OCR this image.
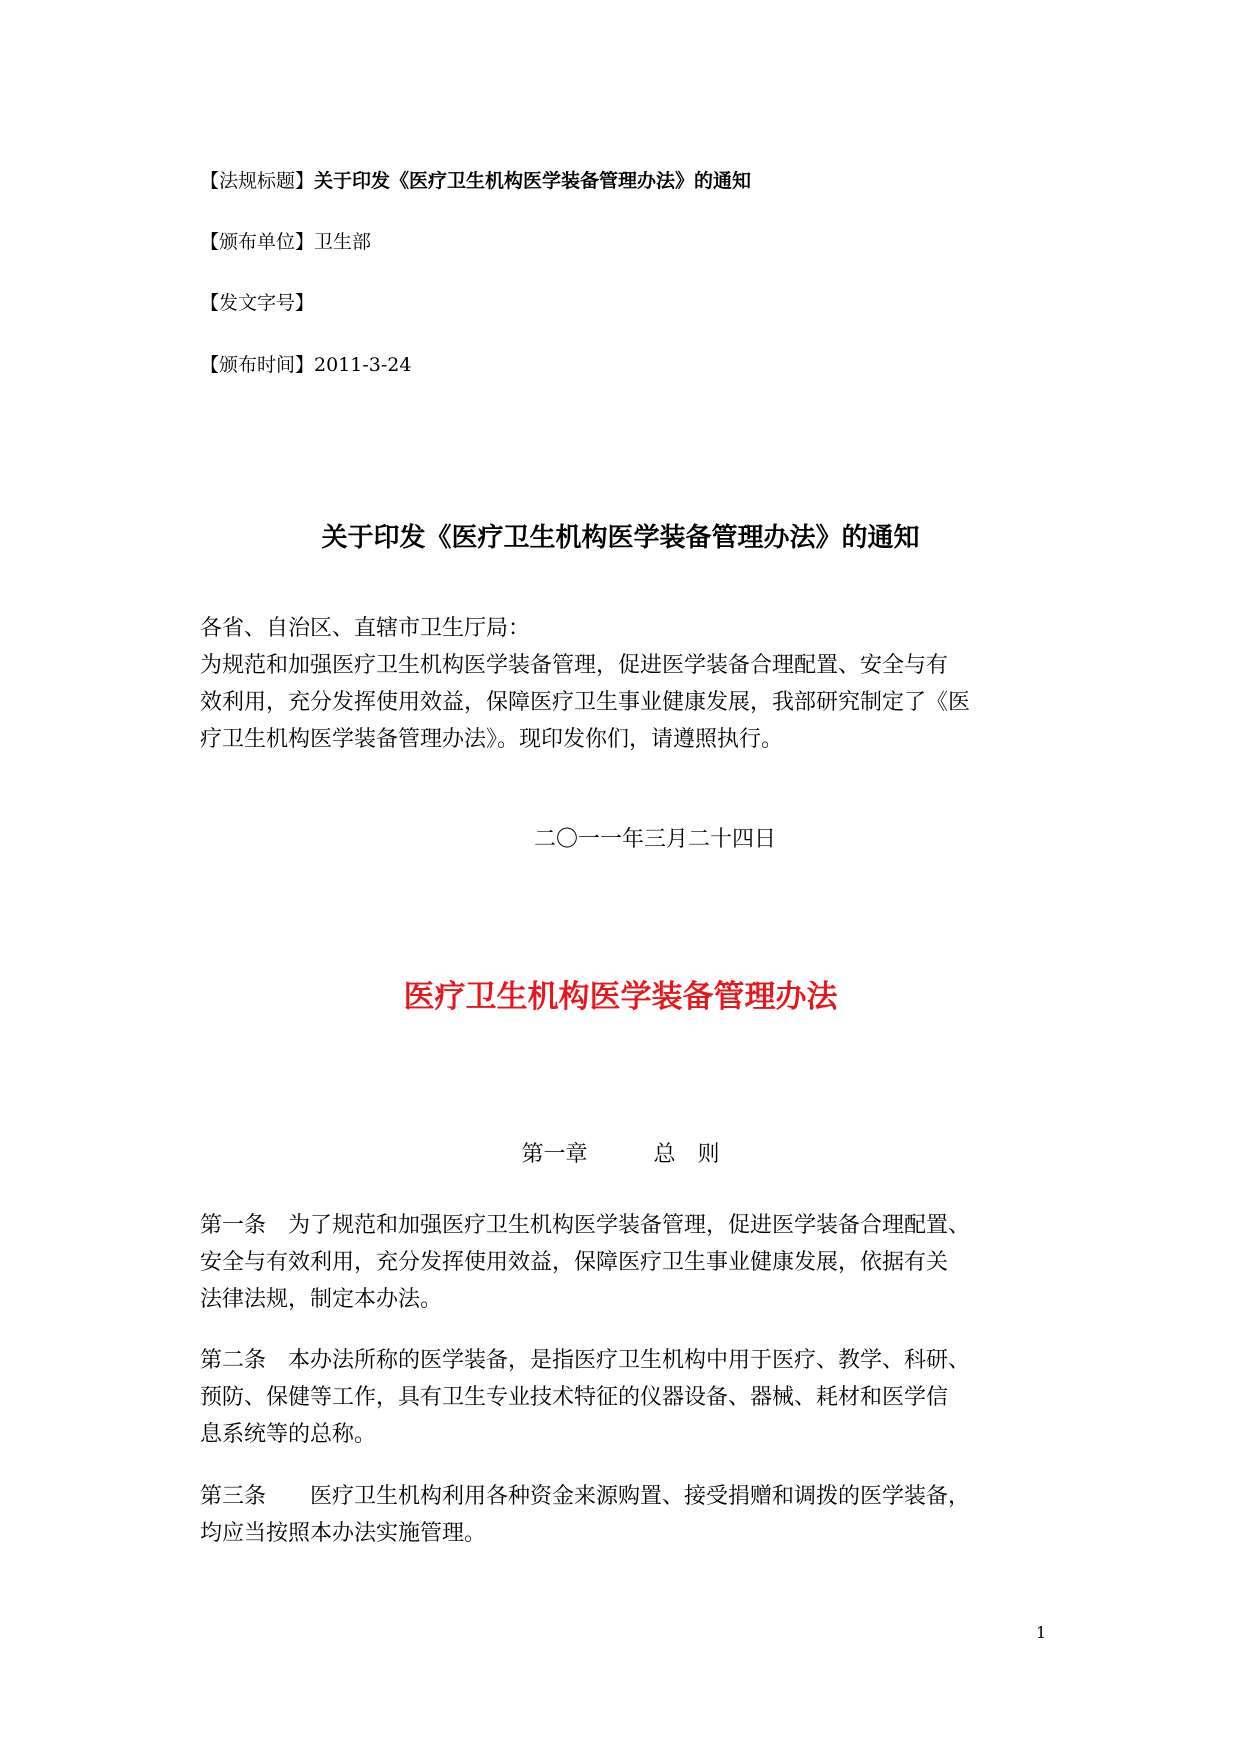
【法规标题】关于印发《医疗卫生机构医学装备管理办法》的通知
【颁布单位】卫生部
【发文字号】
【颁布时间】2011-3-24
关于印发《医疗卫生机构医学装备管理办法》的通知

各省、自治区、直辖市卫生厅局：

为规范和加强医疗卫生机构医学装备管理，促进医学装备合理配置、安全与有

效利用，充分发挥使用效益，保障医疗卫生事业健康发展，我部研究制定了《医

疗卫生机构医学装备管理办法》。现印发你们，请遵照执行。

二〇一一年三月二十四日
医疗卫生机构医学装备管理办法
第一章　　　总　则

第一条　为了规范和加强医疗卫生机构医学装备管理，促进医学装备合理配置、

安全与有效利用，充分发挥使用效益，保障医疗卫生事业健康发展，依据有关

法律法规，制定本办法。

第二条　本办法所称的医学装备，是指医疗卫生机构中用于医疗、教学、科研、

预防、保健等工作，具有卫生专业技术特征的仪器设备、器械、耗材和医学信

息系统等的总称。

第三条　　医疗卫生机构利用各种资金来源购置、接受捐赠和调拨的医学装备，

均应当按照本办法实施管理。

1
